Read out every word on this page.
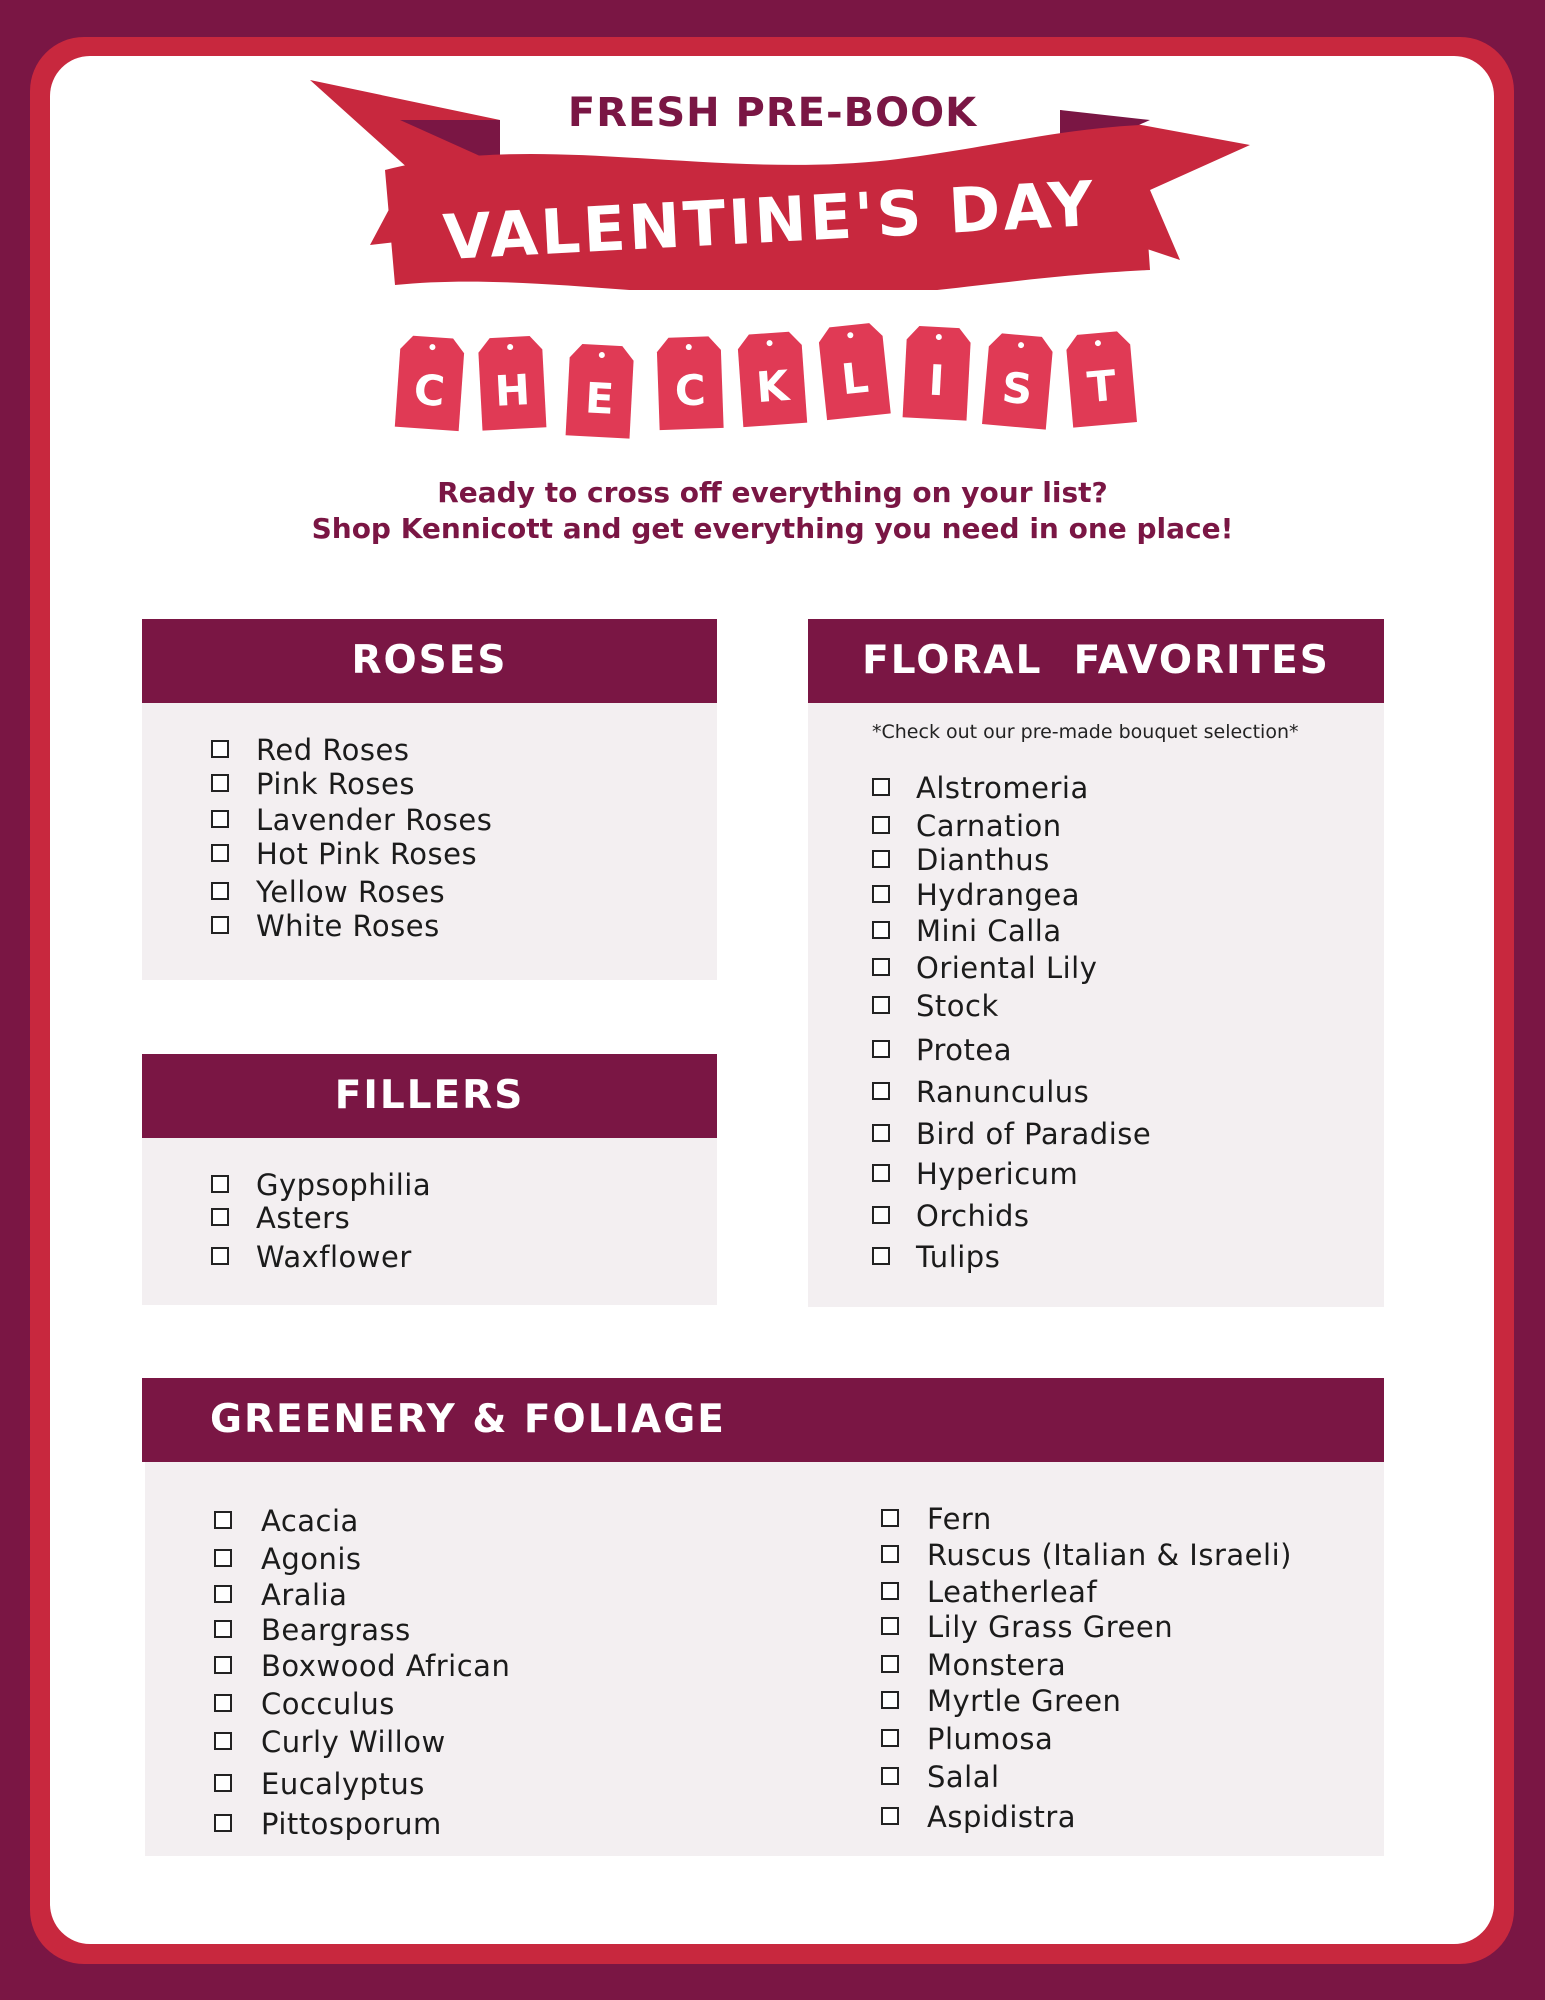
FRESH PRE-BOOK
VALENTINE'S DAY
C H E C K L I S T
Ready to cross off everything on your list?
Shop Kennicott and get everything you need in one place!
ROSES
Red Roses
Pink Roses
Lavender Roses
Hot Pink Roses
Yellow Roses
White Roses
FILLERS
Gypsophilia
Asters
Waxflower
FLORAL  FAVORITES
*Check out our pre-made bouquet selection*
Alstromeria
Carnation
Dianthus
Hydrangea
Mini Calla
Oriental Lily
Stock
Protea
Ranunculus
Bird of Paradise
Hypericum
Orchids
Tulips
GREENERY & FOLIAGE
Acacia
Agonis
Aralia
Beargrass
Boxwood African
Cocculus
Curly Willow
Eucalyptus
Pittosporum
Fern
Ruscus (Italian & Israeli)
Leatherleaf
Lily Grass Green
Monstera
Myrtle Green
Plumosa
Salal
Aspidistra
